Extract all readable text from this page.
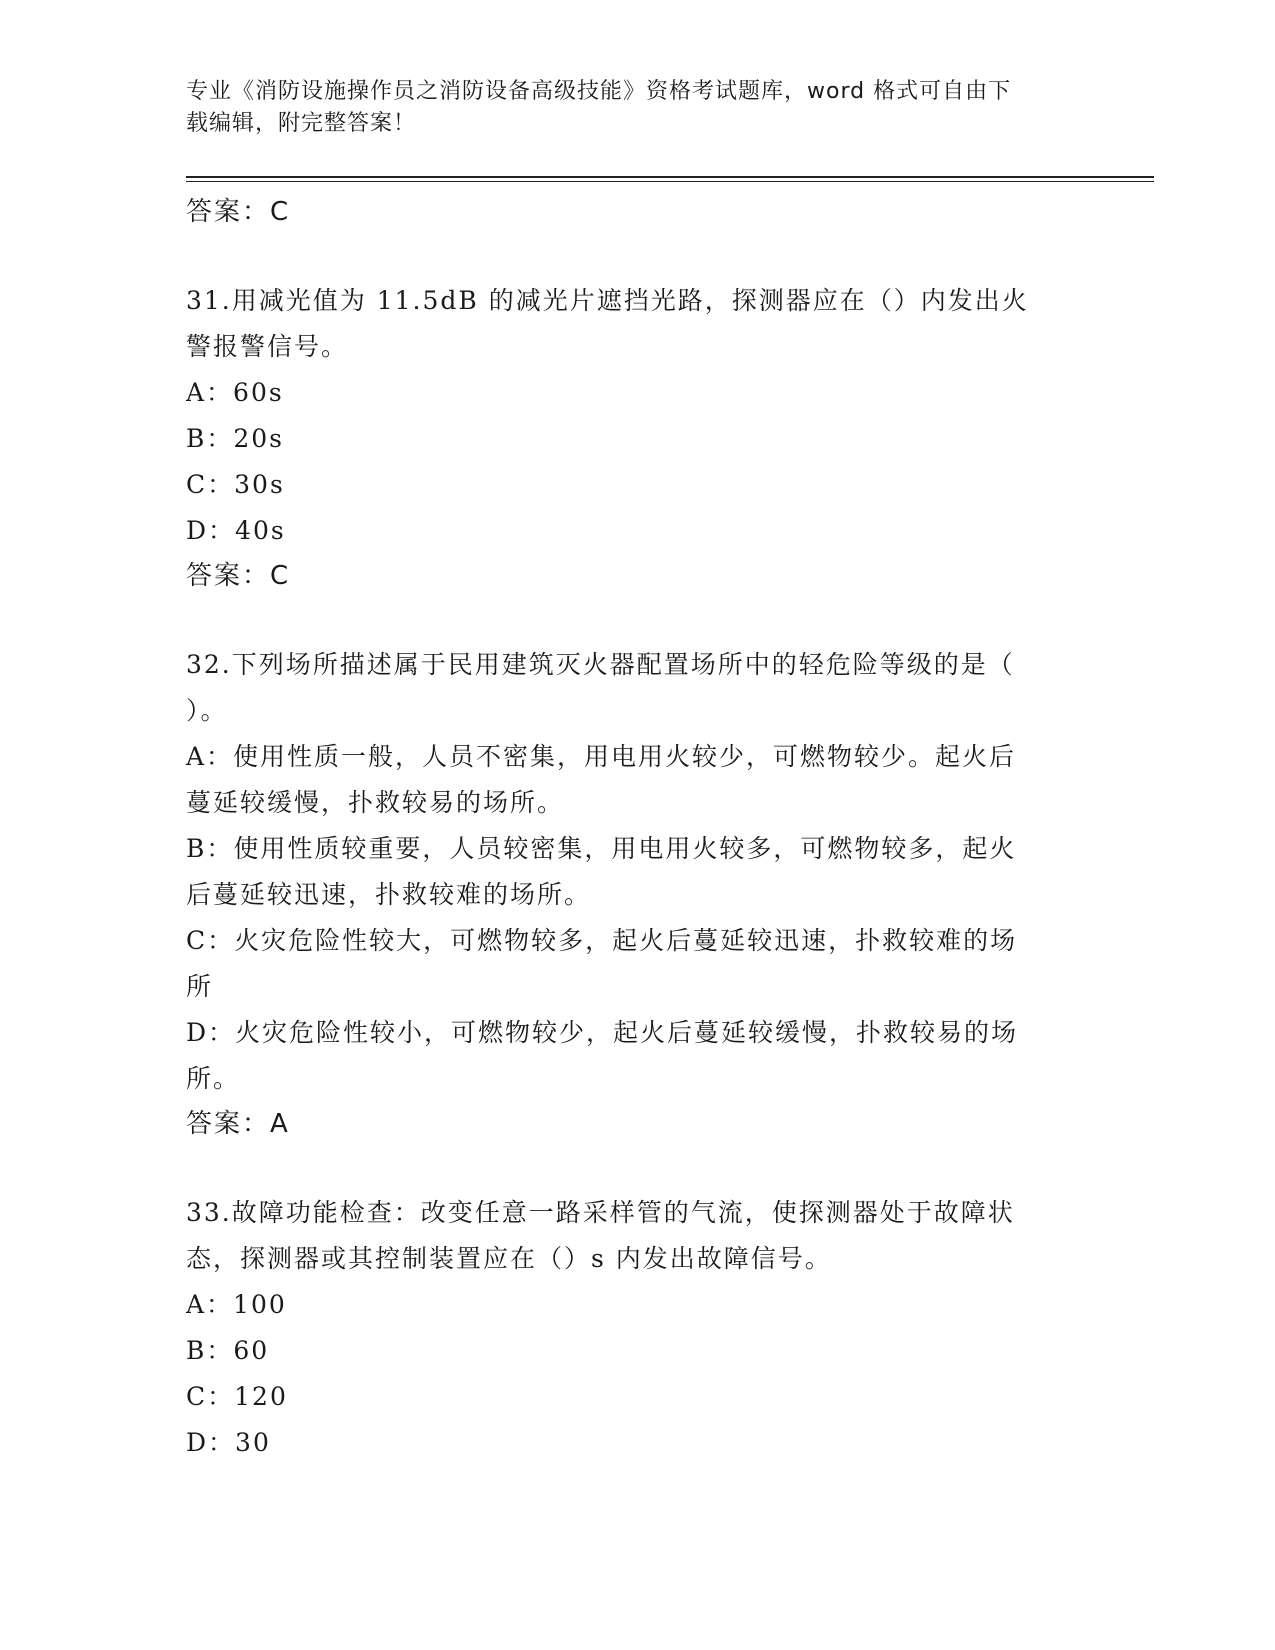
专业《消防设施操作员之消防设备高级技能》资格考试题库，word 格式可自由下
载编辑，附完整答案！

答案：C

31.用减光值为 11.5dB 的减光片遮挡光路，探测器应在（）内发出火

警报警信号。

A：60s

B：20s

C：30s

D：40s

答案：C

32.下列场所描述属于民用建筑灭火器配置场所中的轻危险等级的是（

）。

A：使用性质一般，人员不密集，用电用火较少，可燃物较少。起火后

蔓延较缓慢，扑救较易的场所。

B：使用性质较重要，人员较密集，用电用火较多，可燃物较多，起火

后蔓延较迅速，扑救较难的场所。

C：火灾危险性较大，可燃物较多，起火后蔓延较迅速，扑救较难的场

所

D：火灾危险性较小，可燃物较少，起火后蔓延较缓慢，扑救较易的场

所。

答案：A

33.故障功能检查：改变任意一路采样管的气流，使探测器处于故障状

态，探测器或其控制装置应在（）s 内发出故障信号。

A：100

B：60

C：120

D：30
